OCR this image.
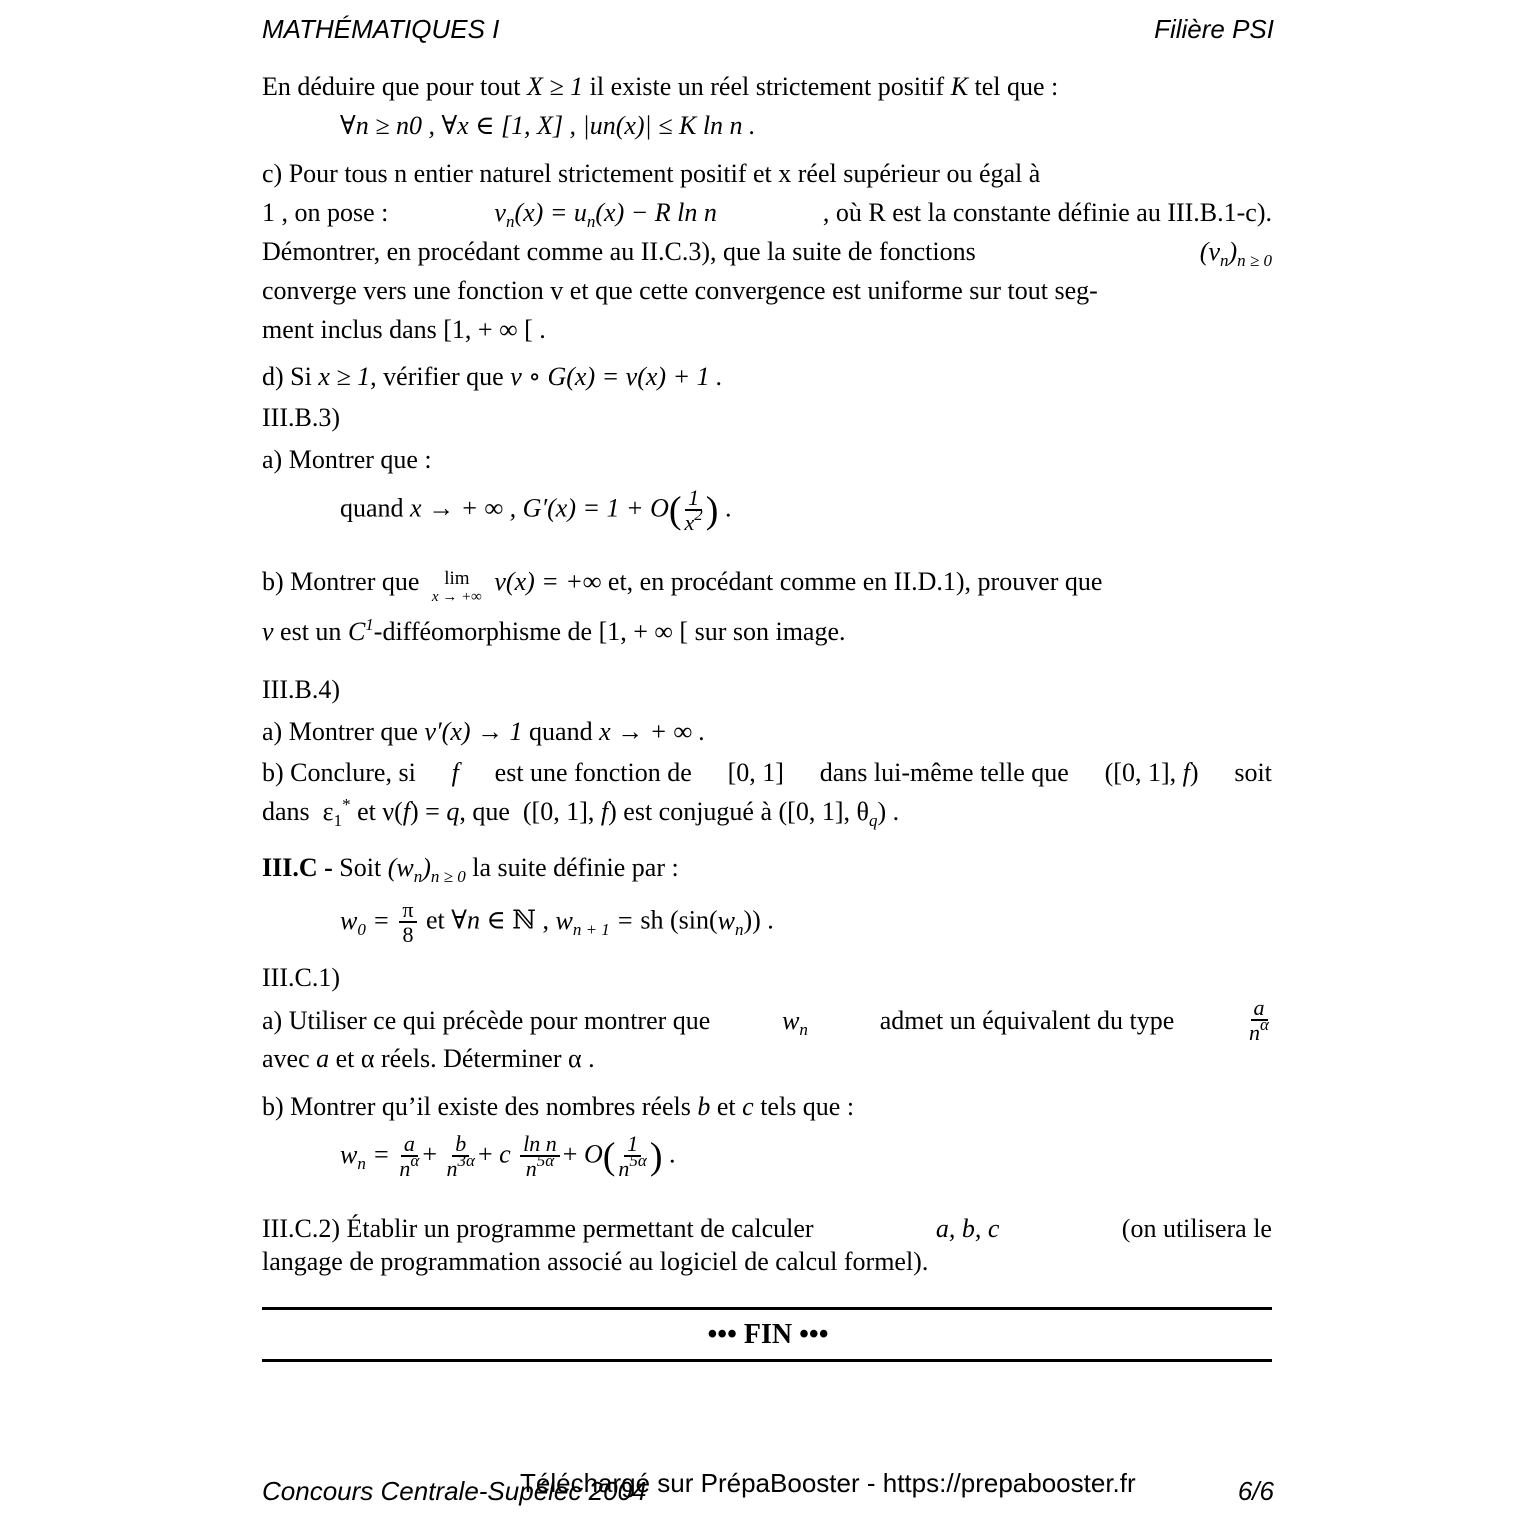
MATHÉMATIQUES I	Filière PSI
En déduire que pour tout X ≥ 1 il existe un réel strictement positif K tel que :
∀n ≥ n0 , ∀x ∈ [1, X] , |un(x)| ≤ K ln n .
c) Pour tous n entier naturel strictement positif et x réel supérieur ou égal à
1 , on pose :	$v_n(x) = u_n(x) - R$ ln n	, où R est la constante définie au III.B.1-c).
Démontrer, en procédant comme au II.C.3), que la suite de fonctions	$(v_n)_{n \ge 0}$
converge vers une fonction v et que cette convergence est uniforme sur tout seg-
ment inclus dans [1, + ∞ [ .
d) Si x ≥ 1, vérifier que v ∘ G(x) = v(x) + 1 .
III.B.3)
a) Montrer que :
quand x → + ∞ , $G'(x) = 1 + O( \frac{1}{x^2}$ ) .
b) Montrer que lim
x → +∞
v(x) = +∞ et, en procédant comme en II.D.1), prouver que
v est un $C^1$-difféomorphisme de [1, + ∞ [ sur son image.
III.B.4)
a) Montrer que v′(x) → 1 quand x → + ∞ .
b) Conclure, si f est une fonction de [0, 1] dans lui-même telle que ([0, 1], f) soit
dans  $\varepsilon_1^*$ et ν(f) = q, que  ([0, 1], f) est conjugué à ([0, 1], $\theta_q$) .
III.C - Soit $(w_n)_{n \ge 0}$ la suite définie par :
$w_0 = \frac{\pi}{8}$ et ∀n ∈ ℕ , $w_{n + 1}$ = sh $(\sin(w_n))$ .
III.C.1)
a) Utiliser ce qui précède pour montrer que	$w_n$	admet un équivalent du type	$\frac{a}{n^\alpha}$
avec a et α réels. Déterminer α .
b) Montrer qu’il existe des nombres réels b et c tels que :
$w_n = \frac{a}{n^\alpha} + \frac{b}{n^{3\alpha}} + c \frac{\text{ln n}}{n^{5\alpha}} + O( \frac{1}{n^{5\alpha}}$ ) .
III.C.2) Établir un programme permettant de calculer	a, b, c	(on utilisera le
langage de programmation associé au logiciel de calcul formel).
••• FIN •••
Concours Centrale-Supélec 2004
Téléchargé sur PrépaBooster - https://prepabooster.fr	6/6
